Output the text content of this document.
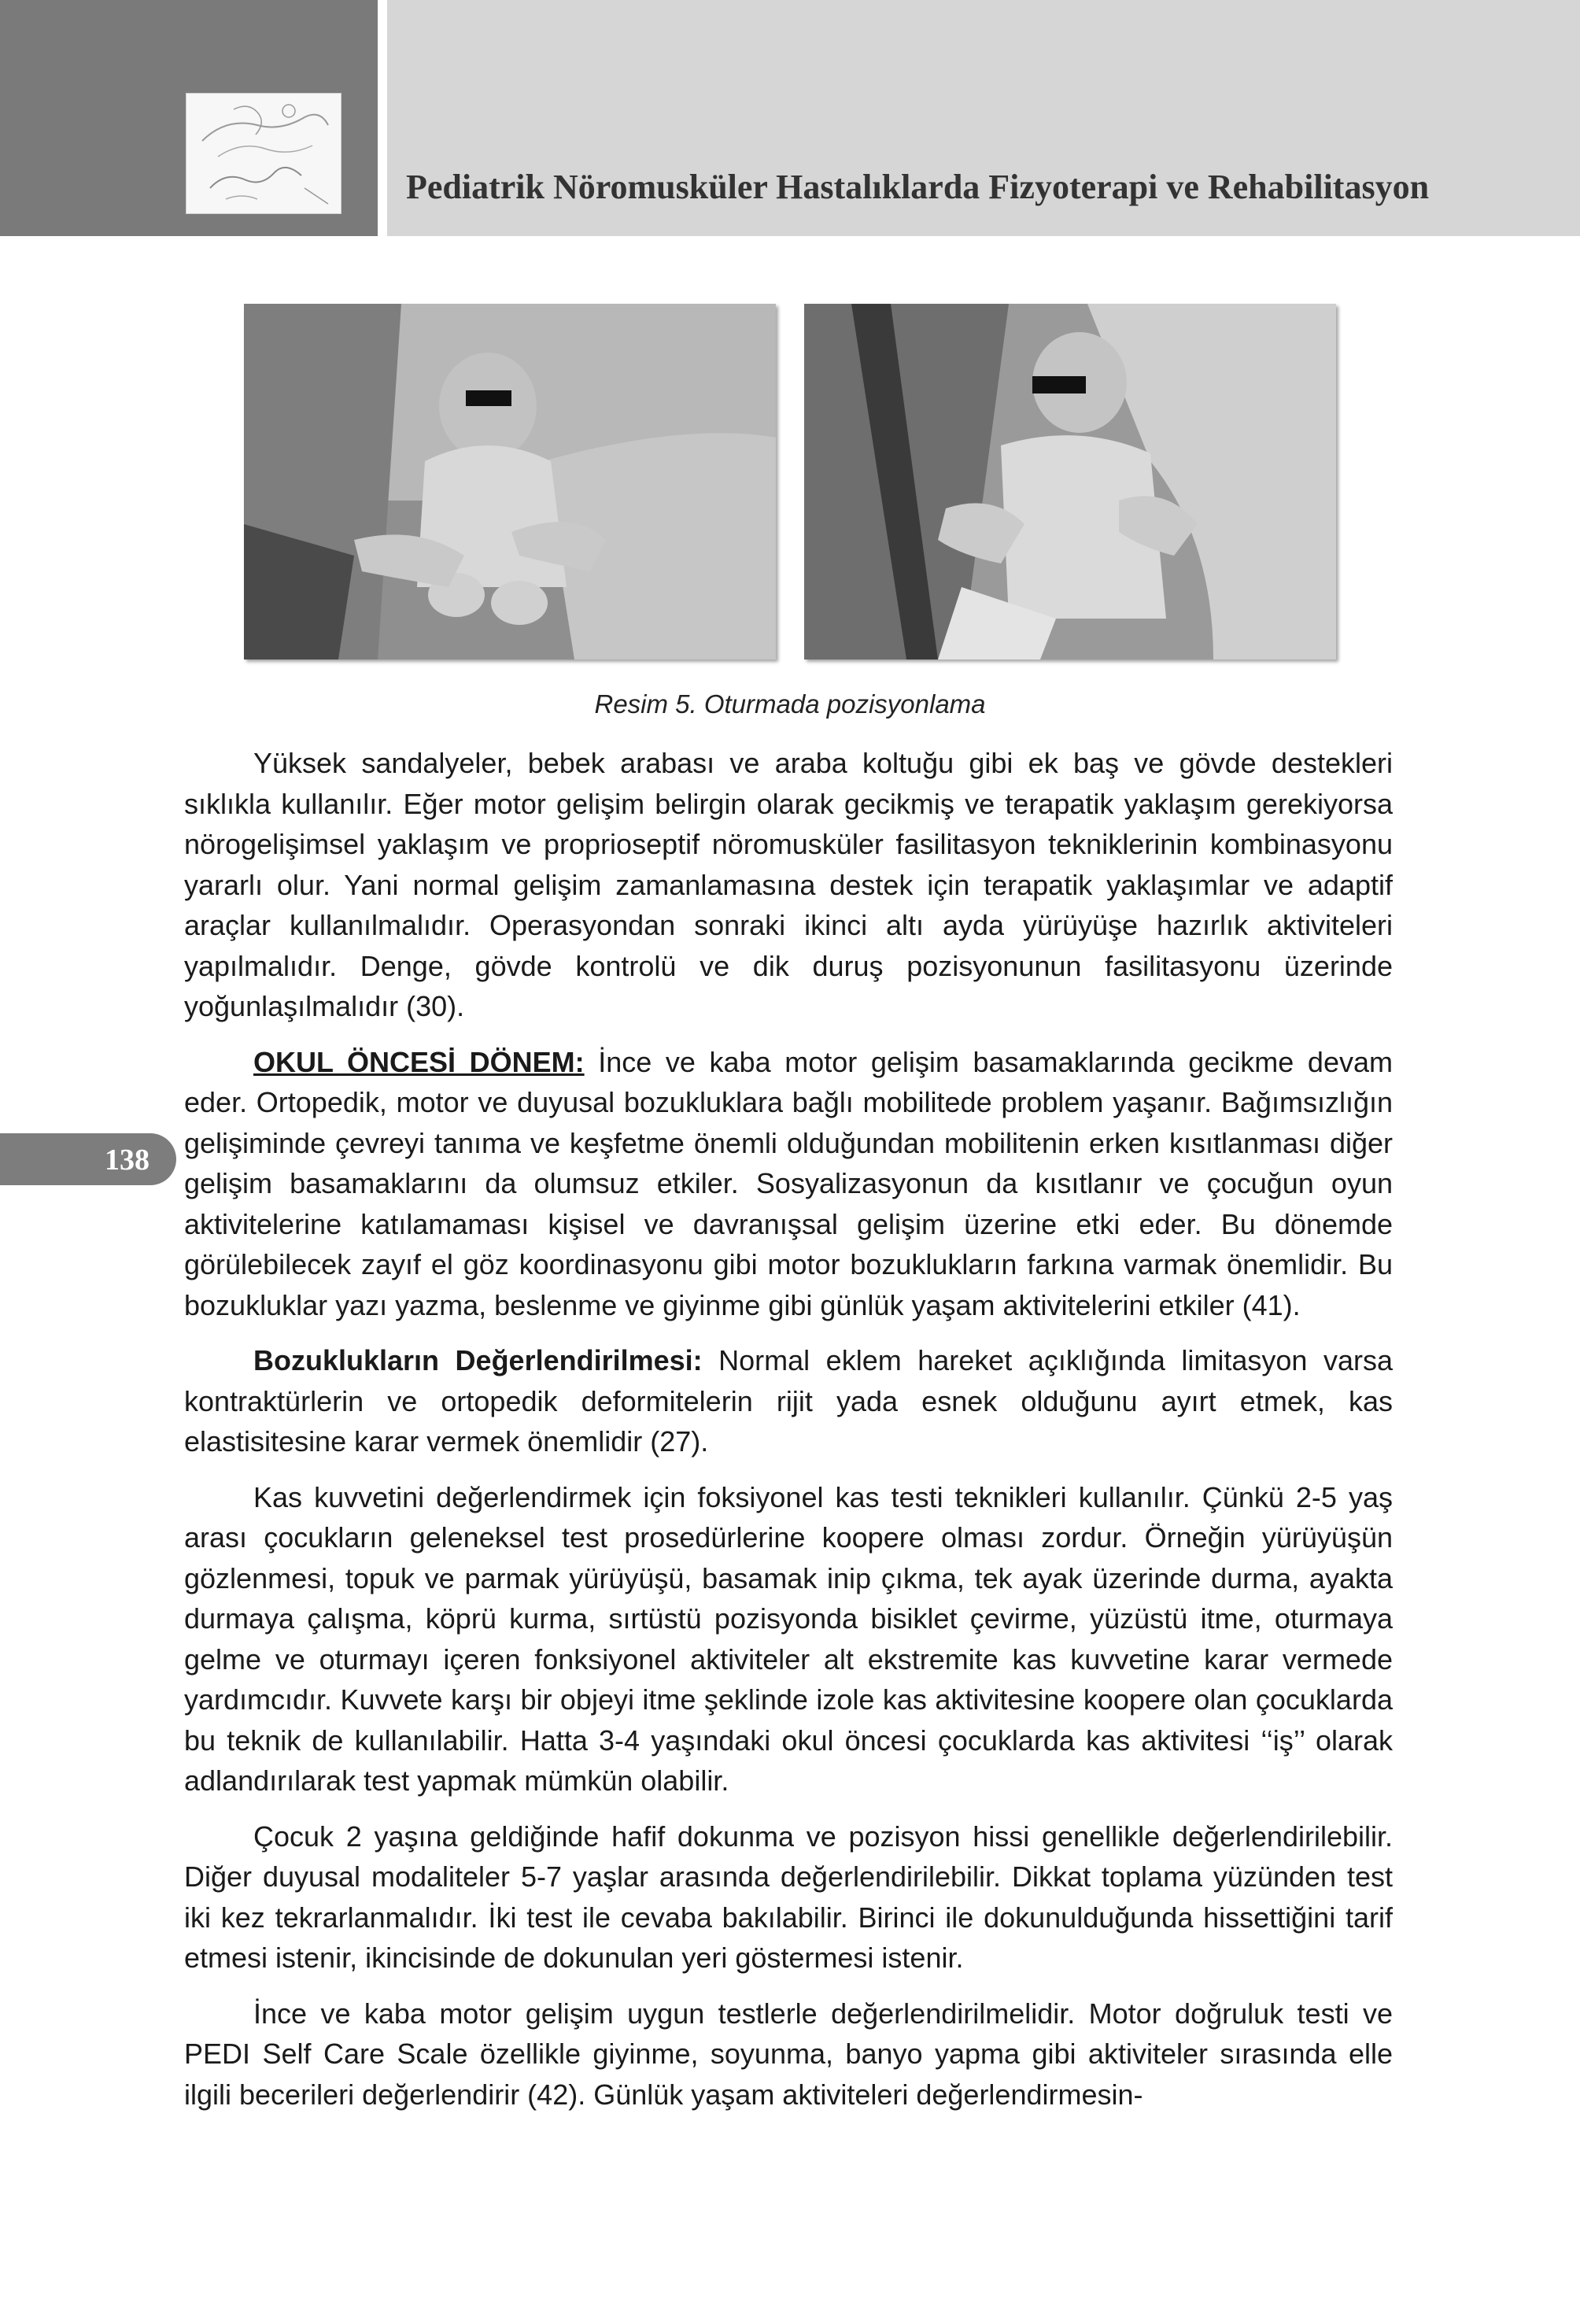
Pediatrik Nöromusküler Hastalıklarda Fizyoterapi ve Rehabilitasyon

Resim 5. Oturmada pozisyonlama

138

Yüksek sandalyeler, bebek arabası ve araba koltuğu gibi ek baş ve gövde destekleri sıklıkla kullanılır. Eğer motor gelişim belirgin olarak gecikmiş ve terapatik yaklaşım gerekiyorsa nörogelişimsel yaklaşım ve proprioseptif nöromusküler fasilitasyon tekniklerinin kombinasyonu yararlı olur. Yani normal gelişim zamanlamasına destek için terapatik yaklaşımlar ve adaptif araçlar kullanılmalıdır. Operasyondan sonraki ikinci altı ayda yürüyüşe hazırlık aktiviteleri yapılmalıdır. Denge, gövde kontrolü ve dik duruş pozisyonunun fasilitasyonu üzerinde yoğunlaşılmalıdır (30).

OKUL ÖNCESİ DÖNEM: İnce ve kaba motor gelişim basamaklarında gecikme devam eder. Ortopedik, motor ve duyusal bozukluklara bağlı mobilitede problem yaşanır. Bağımsızlığın gelişiminde çevreyi tanıma ve keşfetme önemli olduğundan mobilitenin erken kısıtlanması diğer gelişim basamaklarını da olumsuz etkiler. Sosyalizasyonun da kısıtlanır ve çocuğun oyun aktivitelerine katılamaması kişisel ve davranışsal gelişim üzerine etki eder. Bu dönemde görülebilecek zayıf el göz koordinasyonu gibi motor bozuklukların farkına varmak önemlidir. Bu bozukluklar yazı yazma, beslenme ve giyinme gibi günlük yaşam aktivitelerini etkiler (41).

Bozuklukların Değerlendirilmesi: Normal eklem hareket açıklığında limitasyon varsa kontraktürlerin ve ortopedik deformitelerin rijit yada esnek olduğunu ayırt etmek, kas elastisitesine karar vermek önemlidir (27).

Kas kuvvetini değerlendirmek için foksiyonel kas testi teknikleri kullanılır. Çünkü 2-5 yaş arası çocukların geleneksel test prosedürlerine koopere olması zordur. Örneğin yürüyüşün gözlenmesi, topuk ve parmak yürüyüşü, basamak inip çıkma, tek ayak üzerinde durma, ayakta durmaya çalışma, köprü kurma, sırtüstü pozisyonda bisiklet çevirme, yüzüstü itme, oturmaya gelme ve oturmayı içeren fonksiyonel aktiviteler alt ekstremite kas kuvvetine karar vermede yardımcıdır. Kuvvete karşı bir objeyi itme şeklinde izole kas aktivitesine koopere olan çocuklarda bu teknik de kullanılabilir. Hatta 3-4 yaşındaki okul öncesi çocuklarda kas aktivitesi ‘‘iş’’ olarak adlandırılarak test yapmak mümkün olabilir.

Çocuk 2 yaşına geldiğinde hafif dokunma ve pozisyon hissi genellikle değerlendirilebilir. Diğer duyusal modaliteler 5-7 yaşlar arasında değerlendirilebilir. Dikkat toplama yüzünden test iki kez tekrarlanmalıdır. İki test ile cevaba bakılabilir. Birinci ile dokunulduğunda hissettiğini tarif etmesi istenir, ikincisinde de dokunulan yeri göstermesi istenir.

İnce ve kaba motor gelişim uygun testlerle değerlendirilmelidir. Motor doğruluk testi ve PEDI Self Care Scale özellikle giyinme, soyunma, banyo yapma gibi aktiviteler sırasında elle ilgili becerileri değerlendirir (42). Günlük yaşam aktiviteleri değerlendirmesin-
